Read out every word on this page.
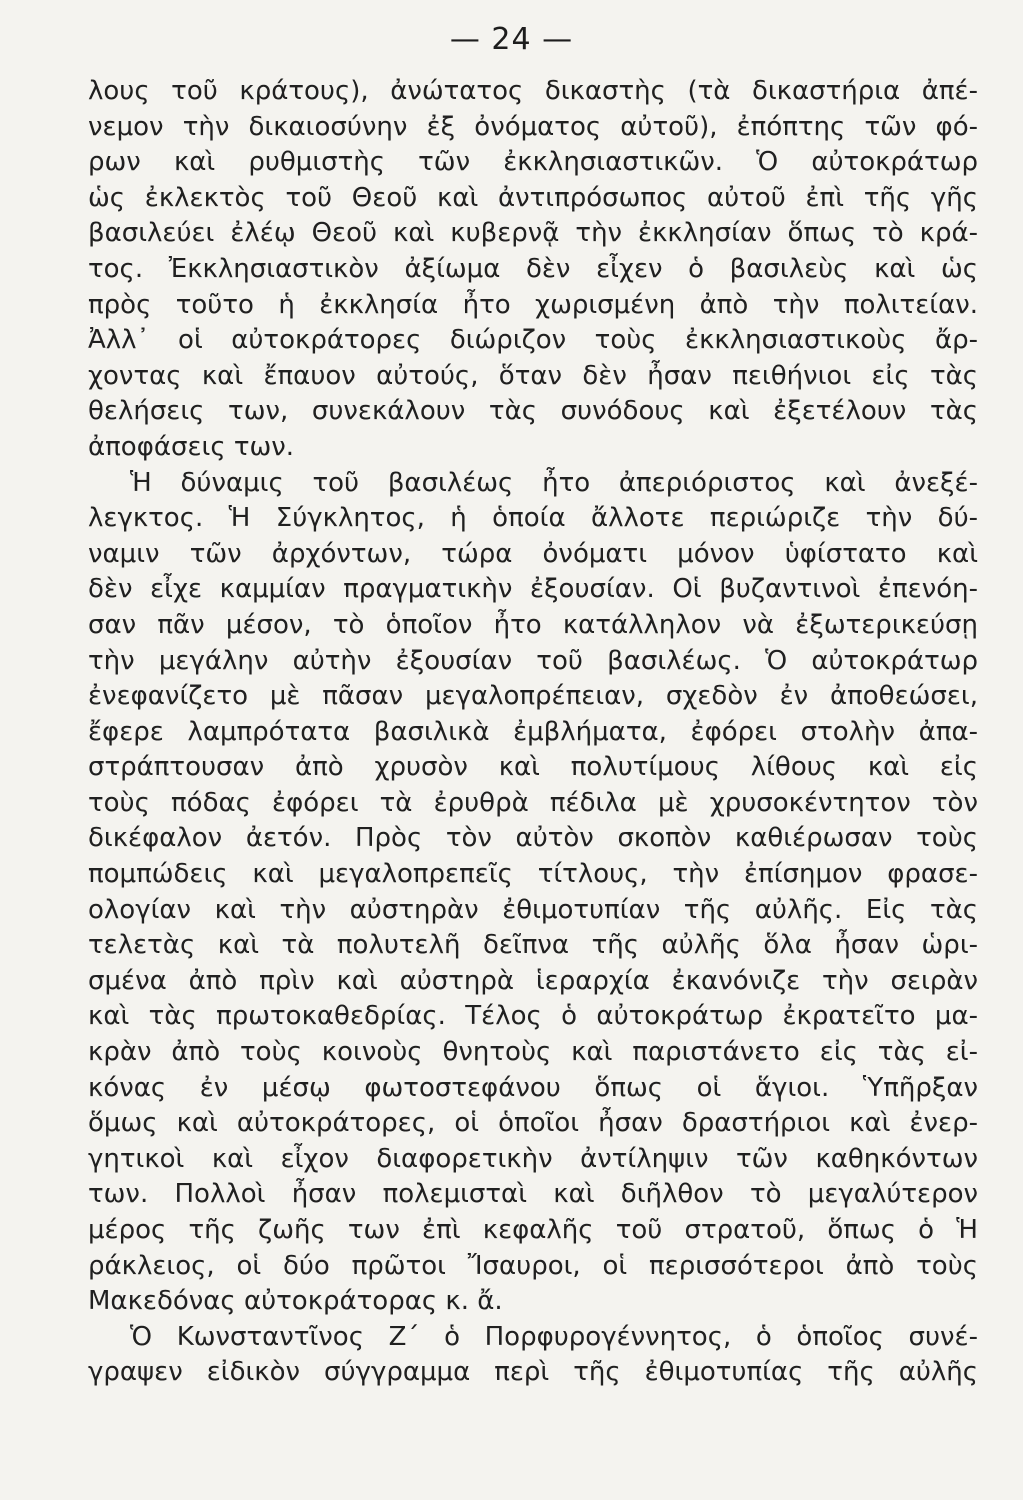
— 24 —
λους τοῦ κράτους), ἀνώτατος δικαστὴς (τὰ δικαστήρια ἀπέ-
νεμον τὴν δικαιοσύνην ἐξ ὀνόματος αὐτοῦ), ἐπόπτης τῶν φό-
ρων καὶ ρυθμιστὴς τῶν ἐκκλησιαστικῶν. Ὁ αὐτοκράτωρ
ὡς ἐκλεκτὸς τοῦ Θεοῦ καὶ ἀντιπρόσωπος αὐτοῦ ἐπὶ τῆς γῆς
βασιλεύει ἐλέῳ Θεοῦ καὶ κυβερνᾷ τὴν ἐκκλησίαν ὅπως τὸ κρά-
τος. Ἐκκλησιαστικὸν ἀξίωμα δὲν εἶχεν ὁ βασιλεὺς καὶ ὡς
πρὸς τοῦτο ἡ ἐκκλησία ἦτο χωρισμένη ἀπὸ τὴν πολιτείαν.
Ἀλλ᾿ οἱ αὐτοκράτορες διώριζον τοὺς ἐκκλησιαστικοὺς ἄρ-
χοντας καὶ ἔπαυον αὐτούς, ὅταν δὲν ἦσαν πειθήνιοι εἰς τὰς
θελήσεις των, συνεκάλουν τὰς συνόδους καὶ ἐξετέλουν τὰς
ἀποφάσεις των.
Ἡ δύναμις τοῦ βασιλέως ἦτο ἀπεριόριστος καὶ ἀνεξέ-
λεγκτος. Ἡ Σύγκλητος, ἡ ὁποία ἄλλοτε περιώριζε τὴν δύ-
ναμιν τῶν ἀρχόντων, τώρα ὀνόματι μόνον ὑφίστατο καὶ
δὲν εἶχε καμμίαν πραγματικὴν ἐξουσίαν. Οἱ βυζαντινοὶ ἐπενόη-
σαν πᾶν μέσον, τὸ ὁποῖον ἦτο κατάλληλον νὰ ἐξωτερικεύσῃ
τὴν μεγάλην αὐτὴν ἐξουσίαν τοῦ βασιλέως. Ὁ αὐτοκράτωρ
ἐνεφανίζετο μὲ πᾶσαν μεγαλοπρέπειαν, σχεδὸν ἐν ἀποθεώσει,
ἔφερε λαμπρότατα βασιλικὰ ἐμβλήματα, ἐφόρει στολὴν ἀπα-
στράπτουσαν ἀπὸ χρυσὸν καὶ πολυτίμους λίθους καὶ εἰς
τοὺς πόδας ἐφόρει τὰ ἐρυθρὰ πέδιλα μὲ χρυσοκέντητον τὸν
δικέφαλον ἀετόν. Πρὸς τὸν αὐτὸν σκοπὸν καθιέρωσαν τοὺς
πομπώδεις καὶ μεγαλοπρεπεῖς τίτλους, τὴν ἐπίσημον φρασε-
ολογίαν καὶ τὴν αὐστηρὰν ἐθιμοτυπίαν τῆς αὐλῆς. Εἰς τὰς
τελετὰς καὶ τὰ πολυτελῆ δεῖπνα τῆς αὐλῆς ὅλα ἦσαν ὡρι-
σμένα ἀπὸ πρὶν καὶ αὐστηρὰ ἱεραρχία ἐκανόνιζε τὴν σειρὰν
καὶ τὰς πρωτοκαθεδρίας. Τέλος ὁ αὐτοκράτωρ ἐκρατεῖτο μα-
κρὰν ἀπὸ τοὺς κοινοὺς θνητοὺς καὶ παριστάνετο εἰς τὰς εἰ-
κόνας ἐν μέσῳ φωτοστεφάνου ὅπως οἱ ἅγιοι. Ὑπῆρξαν
ὅμως καὶ αὐτοκράτορες, οἱ ὁποῖοι ἦσαν δραστήριοι καὶ ἐνερ-
γητικοὶ καὶ εἶχον διαφορετικὴν ἀντίληψιν τῶν καθηκόντων
των. Πολλοὶ ἦσαν πολεμισταὶ καὶ διῆλθον τὸ μεγαλύτερον
μέρος τῆς ζωῆς των ἐπὶ κεφαλῆς τοῦ στρατοῦ, ὅπως ὁ Ἡ
ράκλειος, οἱ δύο πρῶτοι Ἴσαυροι, οἱ περισσότεροι ἀπὸ τοὺς
Μακεδόνας αὐτοκράτορας κ. ἄ.
Ὁ Κωνσταντῖνος Ζ΄ ὁ Πορφυρογέννητος, ὁ ὁποῖος συνέ-
γραψεν εἰδικὸν σύγγραμμα περὶ τῆς ἐθιμοτυπίας τῆς αὐλῆς
